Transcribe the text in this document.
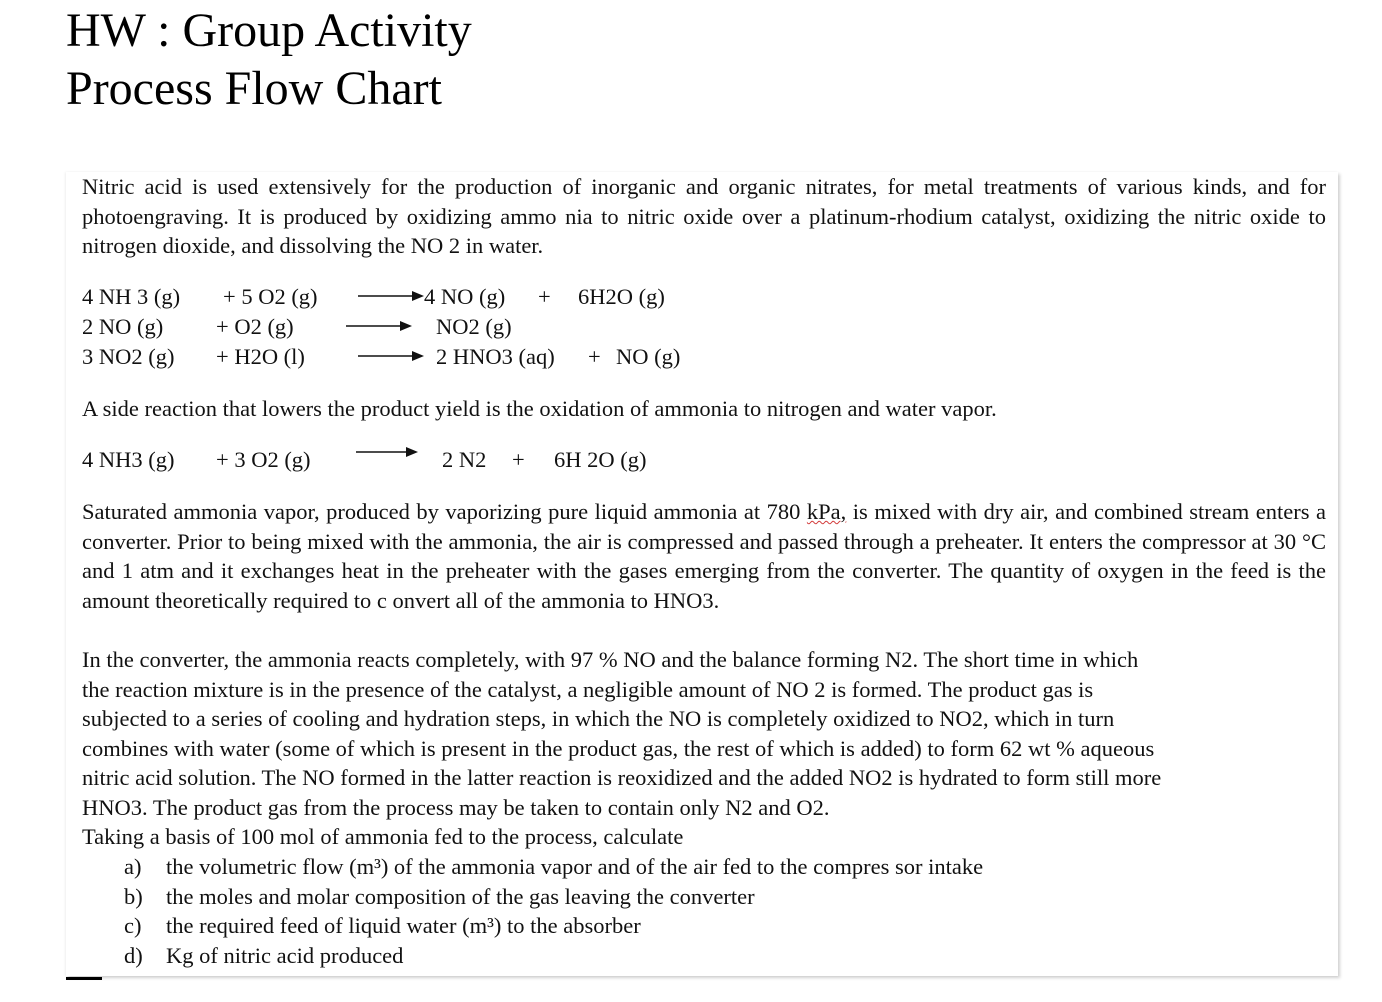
HW : Group Activity
Process Flow Chart
Nitric acid is used extensively for the production of inorganic and organic nitrates, for metal treatments of various kinds, and for photoengraving. It is produced by oxidizing ammo nia to nitric oxide over a platinum-rhodium catalyst, oxidizing the nitric oxide to nitrogen dioxide, and dissolving the NO 2 in water.
4 NH 3 (g) + 5 O2 (g)	4 NO (g) + 6H2O (g)
2 NO (g) + O2 (g)	NO2 (g)
3 NO2 (g) + H2O (l)	2 HNO3 (aq) + NO (g)
A side reaction that lowers the product yield is the oxidation of ammonia to nitrogen and water vapor.
4 NH3 (g) + 3 O2 (g)	2 N2 + 6H 2O (g)
Saturated ammonia vapor, produced by vaporizing pure liquid ammonia at 780 kPa, is mixed with dry air, and combined stream enters a converter. Prior to being mixed with the ammonia, the air is compressed and passed through a preheater. It enters the compressor at 30 °C and 1 atm and it exchanges heat in the preheater with the gases emerging from the converter. The quantity of oxygen in the feed is the amount theoretically required to c onvert all of the ammonia to HNO3.
In the converter, the ammonia reacts completely, with 97 % NO and the balance forming N2. The short time in which
the reaction mixture is in the presence of the catalyst, a negligible amount of NO 2 is formed. The product gas is
subjected to a series of cooling and hydration steps, in which the NO is completely oxidized to NO2, which in turn
combines with water (some of which is present in the product gas, the rest of which is added) to form 62 wt % aqueous
nitric acid solution. The NO formed in the latter reaction is reoxidized and the added NO2 is hydrated to form still more
HNO3. The product gas from the process may be taken to contain only N2 and O2.
Taking a basis of 100 mol of ammonia fed to the process, calculate
a)	the volumetric flow (m³) of the ammonia vapor and of the air fed to the compres sor intake
b)	the moles and molar composition of the gas leaving the converter
c)	the required feed of liquid water (m³) to the absorber
d)	Kg of nitric acid produced
